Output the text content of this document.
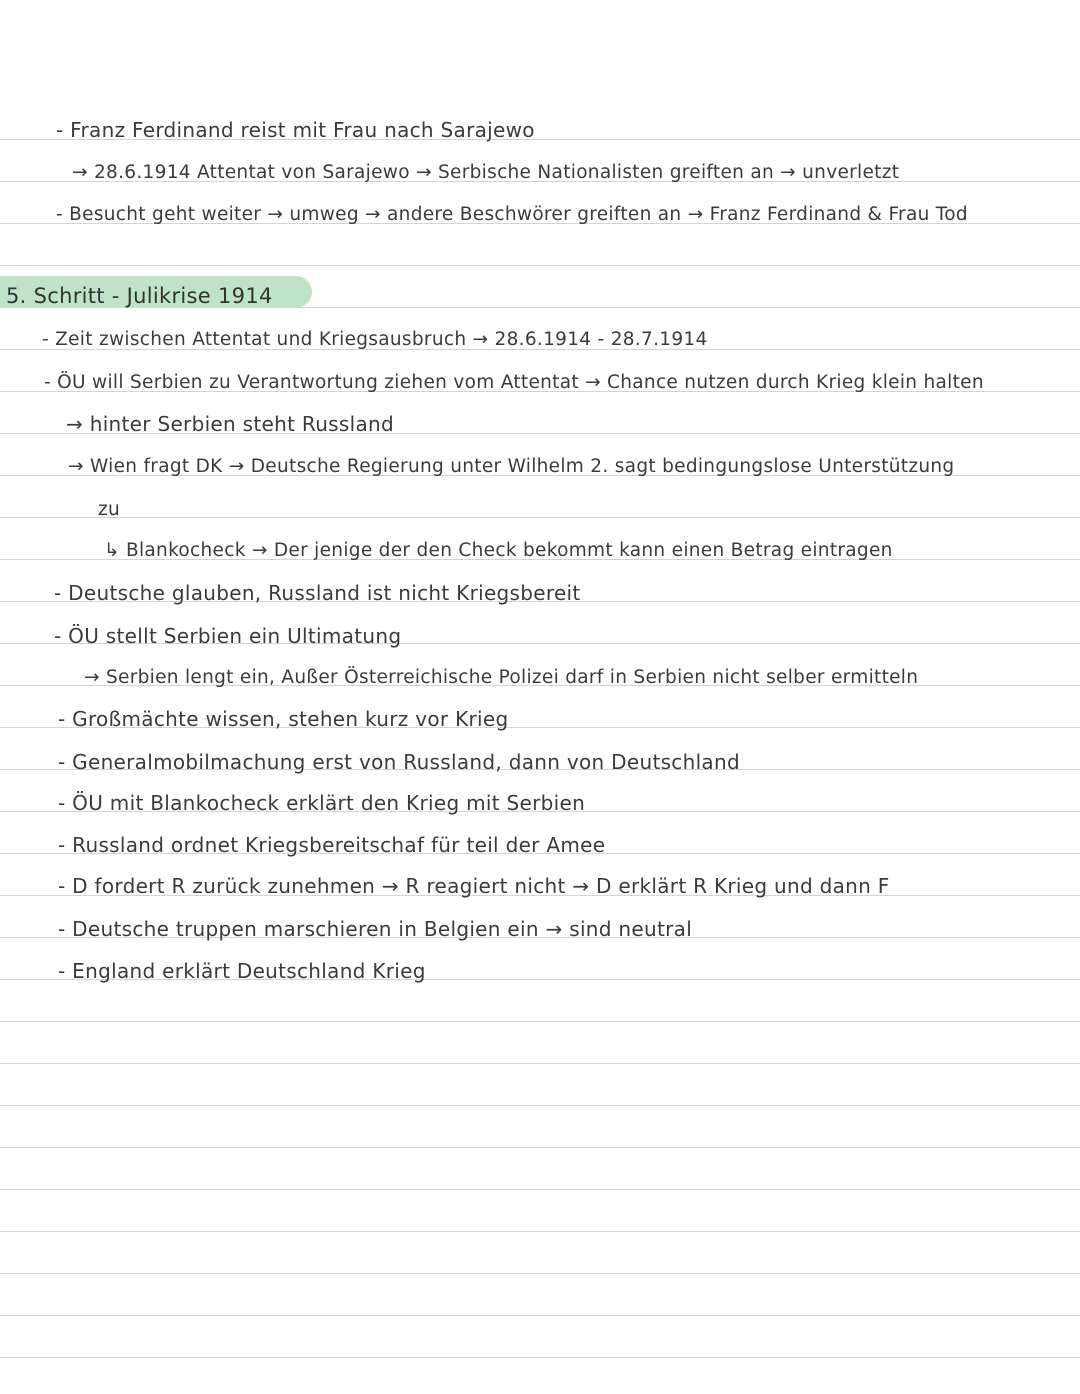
- Franz Ferdinand reist mit Frau nach Sarajewo
→ 28.6.1914 Attentat von Sarajewo → Serbische Nationalisten greiften an → unverletzt
- Besucht geht weiter → umweg → andere Beschwörer greiften an → Franz Ferdinand & Frau Tod
5. Schritt - Julikrise 1914
- Zeit zwischen Attentat und Kriegsausbruch → 28.6.1914 - 28.7.1914
- ÖU will Serbien zu Verantwortung ziehen vom Attentat → Chance nutzen durch Krieg klein halten
→ hinter Serbien steht Russland
→ Wien fragt DK → Deutsche Regierung unter Wilhelm 2. sagt bedingungslose Unterstützung
zu
↳ Blankocheck → Der jenige der den Check bekommt kann einen Betrag eintragen
- Deutsche glauben, Russland ist nicht Kriegsbereit
- ÖU stellt Serbien ein Ultimatung
→ Serbien lengt ein, Außer Österreichische Polizei darf in Serbien nicht selber ermitteln
- Großmächte wissen, stehen kurz vor Krieg
- Generalmobilmachung erst von Russland, dann von Deutschland
- ÖU mit Blankocheck erklärt den Krieg mit Serbien
- Russland ordnet Kriegsbereitschaf für teil der Amee
- D fordert R zurück zunehmen → R reagiert nicht → D erklärt R Krieg und dann F
- Deutsche truppen marschieren in Belgien ein → sind neutral
- England erklärt Deutschland Krieg
